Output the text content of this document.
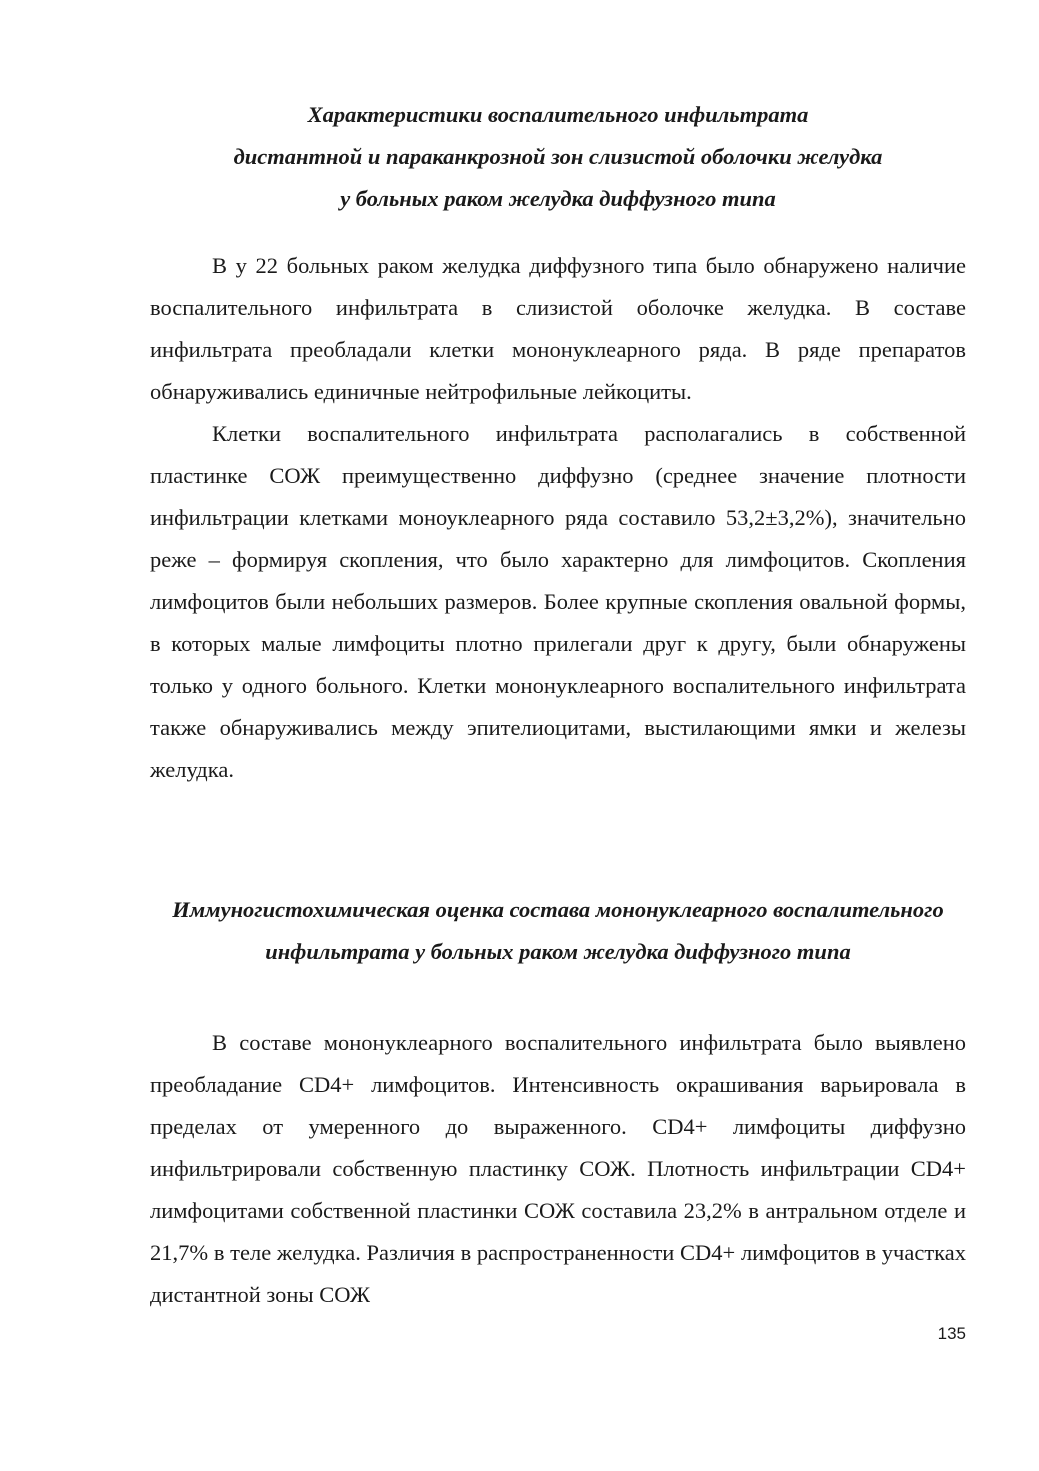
Характеристики воспалительного инфильтрата
дистантной и параканкрозной зон слизистой оболочки желудка
у больных раком желудка диффузного типа

В у 22 больных раком желудка диффузного типа было обнаружено наличие воспалительного инфильтрата в слизистой оболочке желудка. В составе инфильтрата преобладали клетки мононуклеарного ряда. В ряде препаратов обнаруживались единичные нейтрофильные лейкоциты.

Клетки воспалительного инфильтрата располагались в собственной пластинке СОЖ преимущественно диффузно (среднее значение плотности инфильтрации клетками моноуклеарного ряда составило 53,2±3,2%), значительно реже – формируя скопления, что было характерно для лимфоцитов. Скопления лимфоцитов были небольших размеров. Более крупные скопления овальной формы, в которых малые лимфоциты плотно прилегали друг к другу, были обнаружены только у одного больного. Клетки мононуклеарного воспалительного инфильтрата также обнаруживались между эпителиоцитами, выстилающими ямки и железы желудка.

Иммуногистохимическая оценка состава мононуклеарного воспалительного
инфильтрата у больных раком желудка диффузного типа

В составе мононуклеарного воспалительного инфильтрата было выявлено преобладание CD4+ лимфоцитов. Интенсивность окрашивания варьировала в пределах от умеренного до выраженного. CD4+ лимфоциты диффузно инфильтрировали собственную пластинку СОЖ. Плотность инфильтрации CD4+ лимфоцитами собственной пластинки СОЖ составила 23,2% в антральном отделе и 21,7% в теле желудка. Различия в распространенности CD4+ лимфоцитов в участках дистантной зоны СОЖ

135
